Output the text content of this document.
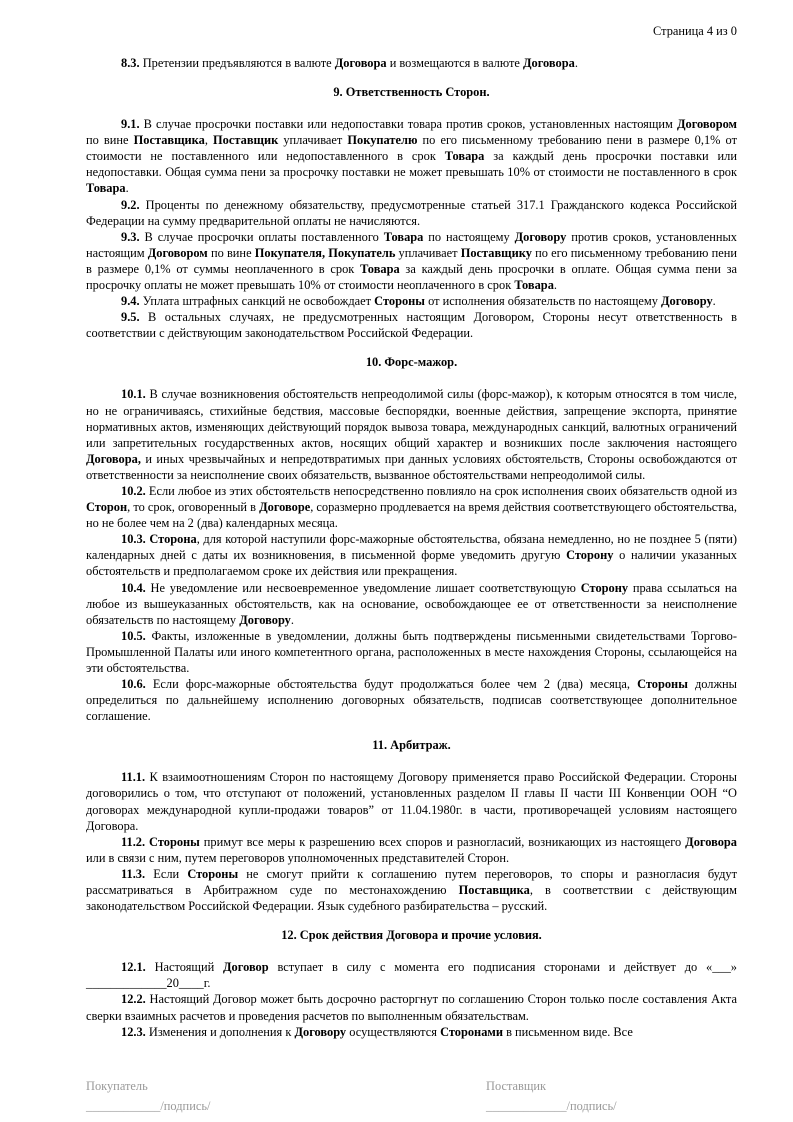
Страница 4 из 0

8.3. Претензии предъявляются в валюте Договора и возмещаются в валюте Договора.

9. Ответственность Сторон.

9.1. В случае просрочки поставки или недопоставки товара против сроков, установленных настоящим Договором по вине Поставщика, Поставщик уплачивает Покупателю по его письменному требованию пени в размере 0,1% от стоимости не поставленного или недопоставленного в срок Товара за каждый день просрочки поставки или недопоставки. Общая сумма пени за просрочку поставки не может превышать 10% от стоимости не поставленного в срок Товара.

9.2. Проценты по денежному обязательству, предусмотренные статьей 317.1 Гражданского кодекса Российской Федерации на сумму предварительной оплаты не начисляются.

9.3. В случае просрочки оплаты поставленного Товара по настоящему Договору против сроков, установленных настоящим Договором по вине Покупателя, Покупатель уплачивает Поставщику по его письменному требованию пени в размере 0,1% от суммы неоплаченного в срок Товара за каждый день просрочки в оплате. Общая сумма пени за просрочку оплаты не может превышать 10% от стоимости неоплаченного в срок Товара.

9.4. Уплата штрафных санкций не освобождает Стороны от исполнения обязательств по настоящему Договору.

9.5. В остальных случаях, не предусмотренных настоящим Договором, Стороны несут ответственность в соответствии с действующим законодательством Российской Федерации.

10. Форс-мажор.

10.1. В случае возникновения обстоятельств непреодолимой силы (форс-мажор), к которым относятся в том числе, но не ограничиваясь, стихийные бедствия, массовые беспорядки, военные действия, запрещение экспорта, принятие нормативных актов, изменяющих действующий порядок вывоза товара, международных санкций, валютных ограничений или запретительных государственных актов, носящих общий характер и возникших после заключения настоящего Договора, и иных чрезвычайных и непредотвратимых при данных условиях обстоятельств, Стороны освобождаются от ответственности за неисполнение своих обязательств, вызванное обстоятельствами непреодолимой силы.

10.2. Если любое из этих обстоятельств непосредственно повлияло на срок исполнения своих обязательств одной из Сторон, то срок, оговоренный в Договоре, соразмерно продлевается на время действия соответствующего обстоятельства, но не более чем на 2 (два) календарных месяца.

10.3. Сторона, для которой наступили форс-мажорные обстоятельства, обязана немедленно, но не позднее 5 (пяти) календарных дней с даты их возникновения, в письменной форме уведомить другую Сторону о наличии указанных обстоятельств и предполагаемом сроке их действия или прекращения.

10.4. Не уведомление или несвоевременное уведомление лишает соответствующую Сторону права ссылаться на любое из вышеуказанных обстоятельств, как на основание, освобождающее ее от ответственности за неисполнение обязательств по настоящему Договору.

10.5. Факты, изложенные в уведомлении, должны быть подтверждены письменными свидетельствами Торгово-Промышленной Палаты или иного компетентного органа, расположенных в месте нахождения Стороны, ссылающейся на эти обстоятельства.

10.6. Если форс-мажорные обстоятельства будут продолжаться более чем 2 (два) месяца, Стороны должны определиться по дальнейшему исполнению договорных обязательств, подписав соответствующее дополнительное соглашение.

11. Арбитраж.

11.1. К взаимоотношениям Сторон по настоящему Договору применяется право Российской Федерации. Стороны договорились о том, что отступают от положений, установленных разделом II главы II части III Конвенции ООН “О договорах международной купли-продажи товаров” от 11.04.1980г. в части, противоречащей условиям настоящего Договора.

11.2. Стороны примут все меры к разрешению всех споров и разногласий, возникающих из настоящего Договора или в связи с ним, путем переговоров уполномоченных представителей Сторон.

11.3. Если Стороны не смогут прийти к соглашению путем переговоров, то споры и разногласия будут рассматриваться в Арбитражном суде по местонахождению Поставщика, в соответствии с действующим законодательством Российской Федерации. Язык судебного разбирательства – русский.

12. Срок действия Договора и прочие условия.

12.1. Настоящий Договор вступает в силу с момента его подписания сторонами и действует до «___» _____________20____г.

12.2. Настоящий Договор может быть досрочно расторгнут по соглашению Сторон только после составления Акта сверки взаимных расчетов и проведения расчетов по выполненным обязательствам.

12.3. Изменения и дополнения к Договору осуществляются Сторонами в письменном виде. Все

Покупатель
____________/подпись/
Поставщик
_____________/подпись/
